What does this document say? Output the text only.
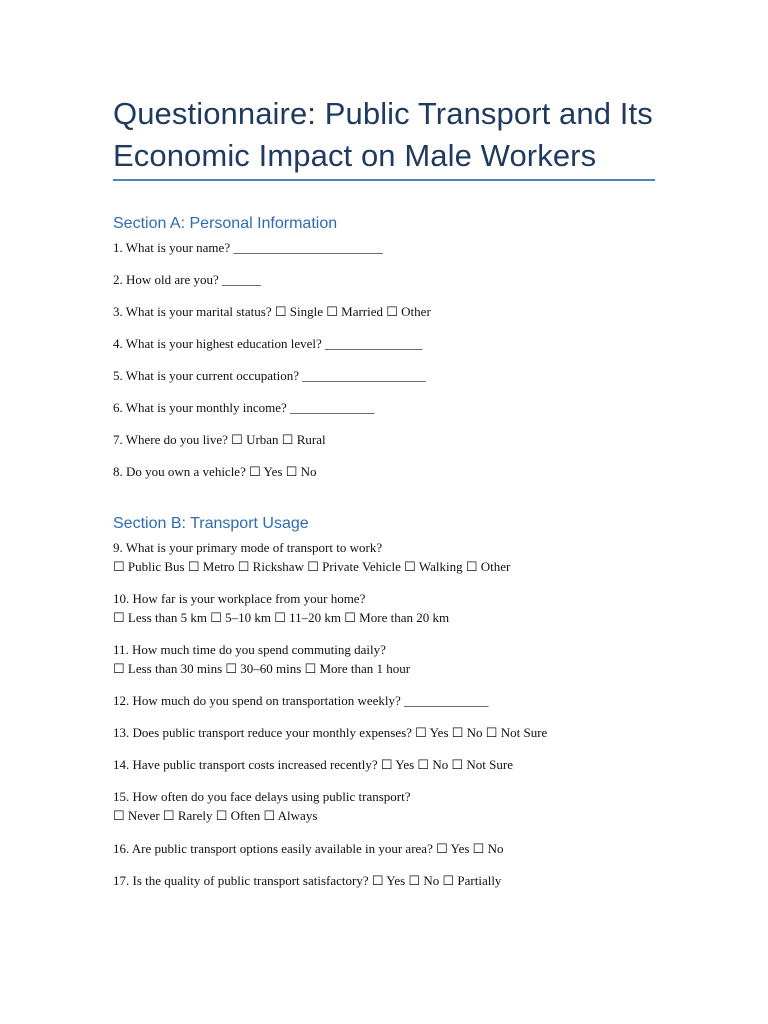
Questionnaire: Public Transport and Its
Economic Impact on Male Workers
Section A: Personal Information
1. What is your name? _______________________
2. How old are you? ______
3. What is your marital status? ☐ Single ☐ Married ☐ Other
4. What is your highest education level? _______________
5. What is your current occupation? ___________________
6. What is your monthly income? _____________
7. Where do you live? ☐ Urban ☐ Rural
8. Do you own a vehicle? ☐ Yes ☐ No
Section B: Transport Usage
9. What is your primary mode of transport to work?
☐ Public Bus ☐ Metro ☐ Rickshaw ☐ Private Vehicle ☐ Walking ☐ Other
10. How far is your workplace from your home?
☐ Less than 5 km ☐ 5–10 km ☐ 11–20 km ☐ More than 20 km
11. How much time do you spend commuting daily?
☐ Less than 30 mins ☐ 30–60 mins ☐ More than 1 hour
12. How much do you spend on transportation weekly? _____________
13. Does public transport reduce your monthly expenses? ☐ Yes ☐ No ☐ Not Sure
14. Have public transport costs increased recently? ☐ Yes ☐ No ☐ Not Sure
15. How often do you face delays using public transport?
☐ Never ☐ Rarely ☐ Often ☐ Always
16. Are public transport options easily available in your area? ☐ Yes ☐ No
17. Is the quality of public transport satisfactory? ☐ Yes ☐ No ☐ Partially
